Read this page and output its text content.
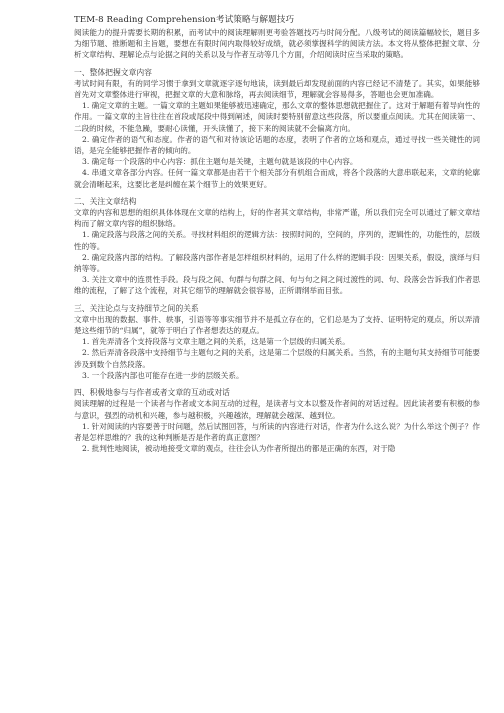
TEM-8 Reading Comprehension考试策略与解题技巧

阅读能力的提升需要长期的积累，而考试中的阅读理解则更考验答题技巧与时间分配。八级考试的阅读篇幅较长，题目多为细节题、推断题和主旨题，要想在有限时间内取得较好成绩，就必须掌握科学的阅读方法。本文将从整体把握文章、分析文章结构、理解论点与论据之间的关系以及与作者互动等几个方面，介绍阅读时应当采取的策略。

一、整体把握文章内容

考试时间有限，有的同学习惯于拿到文章就逐字逐句地读，读到最后却发现前面的内容已经记不清楚了。其实，如果能够首先对文章整体进行审视，把握文章的大意和脉络，再去阅读细节，理解就会容易得多，答题也会更加准确。

1. 确定文章的主题。一篇文章的主题如果能够被迅速确定，那么文章的整体思想就把握住了。这对于解题有着导向性的作用。一篇文章的主旨往往在首段或尾段中得到阐述，阅读时要特别留意这些段落，所以要重点阅读。尤其在阅读第一、二段的时候，不能急躁，要耐心读懂，开头读懂了，接下来的阅读就不会偏离方向。

2. 确定作者的语气和态度。作者的语气和对待该论话题的态度，表明了作者的立场和观点，通过寻找一些关键性的词语，是完全能够把握作者的倾向的。

3. 确定每一个段落的中心内容：抓住主题句是关键，主题句就是该段的中心内容。

4. 串通文章各部分内容。任何一篇文章都是由若干个相关部分有机组合而成，将各个段落的大意串联起来，文章的轮廓就会清晰起来，这要比老是纠缠在某个细节上的效果更好。

二、关注文章结构

文章的内容和思想的组织具体体现在文章的结构上，好的作者其文章结构，非常严谨，所以我们完全可以通过了解文章结构而了解文章内容的组织脉络。

1. 确定段落与段落之间的关系。寻找材料组织的逻辑方法：按照时间的，空间的，序列的，逻辑性的，功能性的，层级性的等。

2. 确定段落内部的结构。了解段落内部作者是怎样组织材料的，运用了什么样的逻辑手段：因果关系，假设，演绎与归纳等等。

3. 关注文章中的连贯性手段。段与段之间、句群与句群之间、句与句之间之间过渡性的词、句、段落会告诉我们作者思维的流程，了解了这个流程，对其它细节的理解就会很容易，正所谓纲举而目张。

三、关注论点与支持细节之间的关系

文章中出现的数据、事件、轶事，引语等等事实细节并不是孤立存在的，它们总是为了支持、证明特定的观点，所以弄清楚这些细节的“归属”，就等于明白了作者想表达的观点。

1. 首先弄清各个支持段落与文章主题之间的关系，这是第一个层级的归属关系。

2. 然后弄清各段落中支持细节与主题句之间的关系，这是第二个层级的归属关系。当然，有的主题句其支持细节可能要涉及到数个自然段落。

3. 一个段落内部也可能存在进一步的层级关系。

四、积极地参与与作者或者文章的互动或对话

阅读理解的过程是一个读者与作者或文本间互动的过程，是读者与文本以整及作者间的对话过程。因此读者要有积极的参与意识，强烈的动机和兴趣，参与越积极，兴趣越浓，理解就会越深、越到位。

1. 针对阅读的内容要善于时问题，然后试图回答，与所读的内容进行对话，作者为什么这么说？为什么举这个例子？作者是怎样思维的？我的这种判断是否是作者的真正意图？

2. 批判性地阅读，被动地接受文章的观点，往往会认为作者所提出的都是正确的东西，对于隐
